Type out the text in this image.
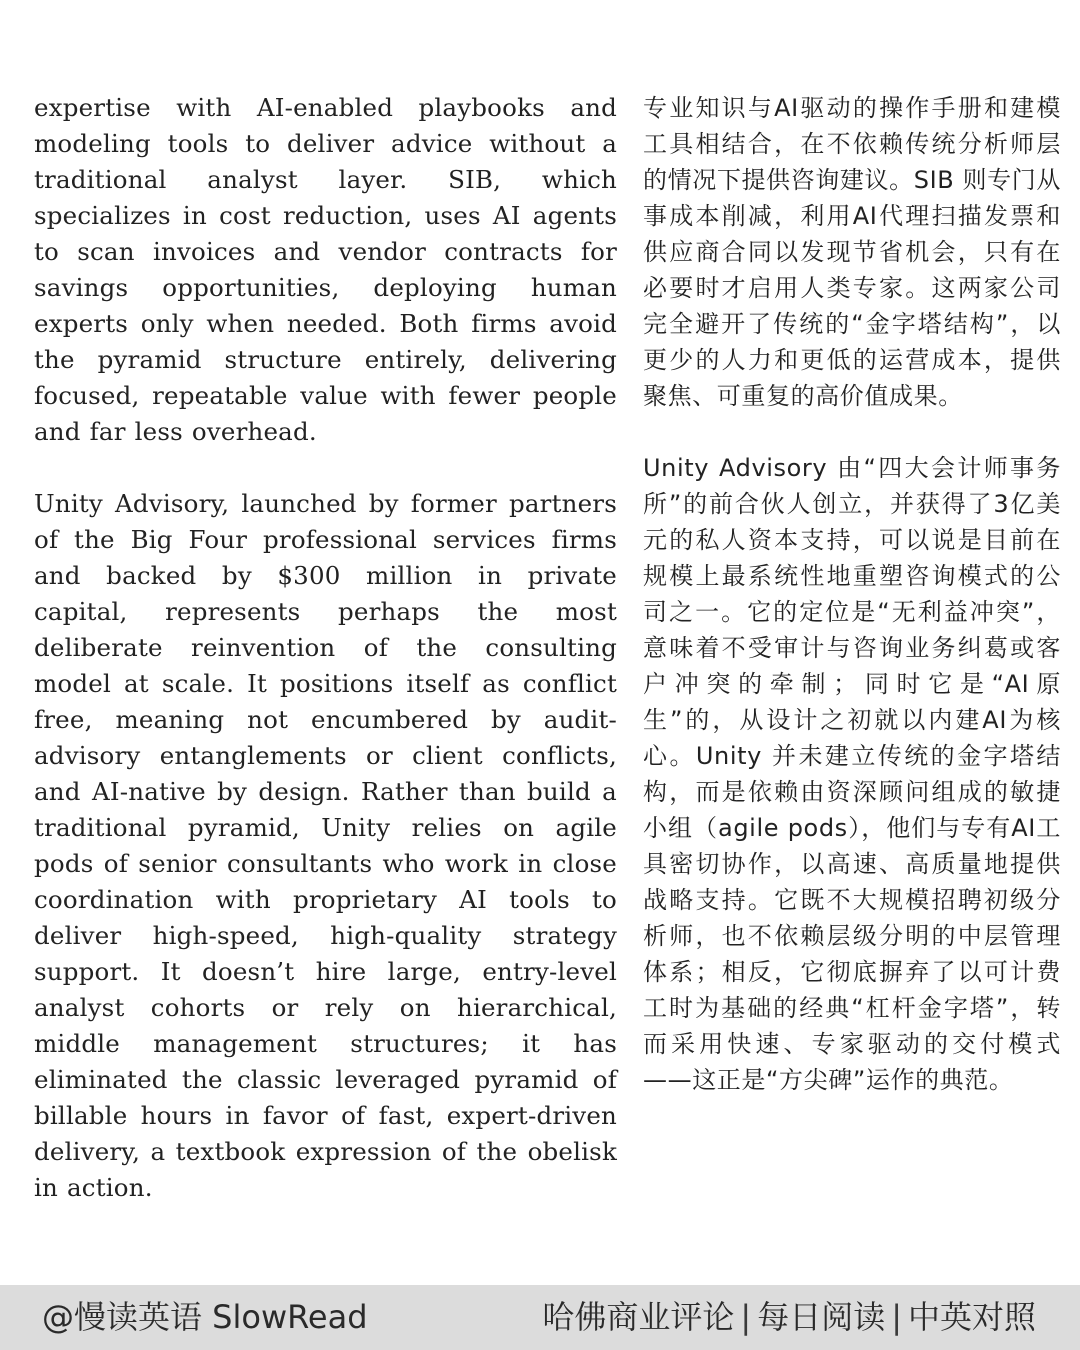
expertise with AI-enabled playbooks and modeling tools to deliver advice without a traditional analyst layer. SIB, which specializes in cost reduction, uses AI agents to scan invoices and vendor contracts for savings opportunities, deploying human experts only when needed. Both firms avoid the pyramid structure entirely, delivering focused, repeatable value with fewer people and far less overhead.

Unity Advisory, launched by former partners of the Big Four professional services firms and backed by $300 million in private capital, represents perhaps the most deliberate reinvention of the consulting model at scale. It positions itself as conflict free, meaning not encumbered by audit-advisory entanglements or client conflicts, and AI-native by design. Rather than build a traditional pyramid, Unity relies on agile pods of senior consultants who work in close coordination with proprietary AI tools to deliver high-speed, high-quality strategy support. It doesn’t hire large, entry-level analyst cohorts or rely on hierarchical, middle management structures; it has eliminated the classic leveraged pyramid of billable hours in favor of fast, expert-driven delivery, a textbook expression of the obelisk in action.

专业知识与AI驱动的操作手册和建模工具相结合，在不依赖传统分析师层的情况下提供咨询建议。SIB 则专门从事成本削减，利用AI代理扫描发票和供应商合同以发现节省机会，只有在必要时才启用人类专家。这两家公司完全避开了传统的“金字塔结构”，以更少的人力和更低的运营成本，提供聚焦、可重复的高价值成果。

Unity Advisory 由“四大会计师事务所”的前合伙人创立，并获得了3亿美元的私人资本支持，可以说是目前在规模上最系统性地重塑咨询模式的公司之一。它的定位是“无利益冲突”，意味着不受审计与咨询业务纠葛或客户冲突的牵制；同时它是“AI原生”的，从设计之初就以内建AI为核心。Unity 并未建立传统的金字塔结构，而是依赖由资深顾问组成的敏捷小组（agile pods），他们与专有AI工具密切协作，以高速、高质量地提供战略支持。它既不大规模招聘初级分析师，也不依赖层级分明的中层管理体系；相反，它彻底摒弃了以可计费工时为基础的经典“杠杆金字塔”，转而采用快速、专家驱动的交付模式——这正是“方尖碑”运作的典范。

@慢读英语 SlowRead	哈佛商业评论 | 每日阅读 | 中英对照
